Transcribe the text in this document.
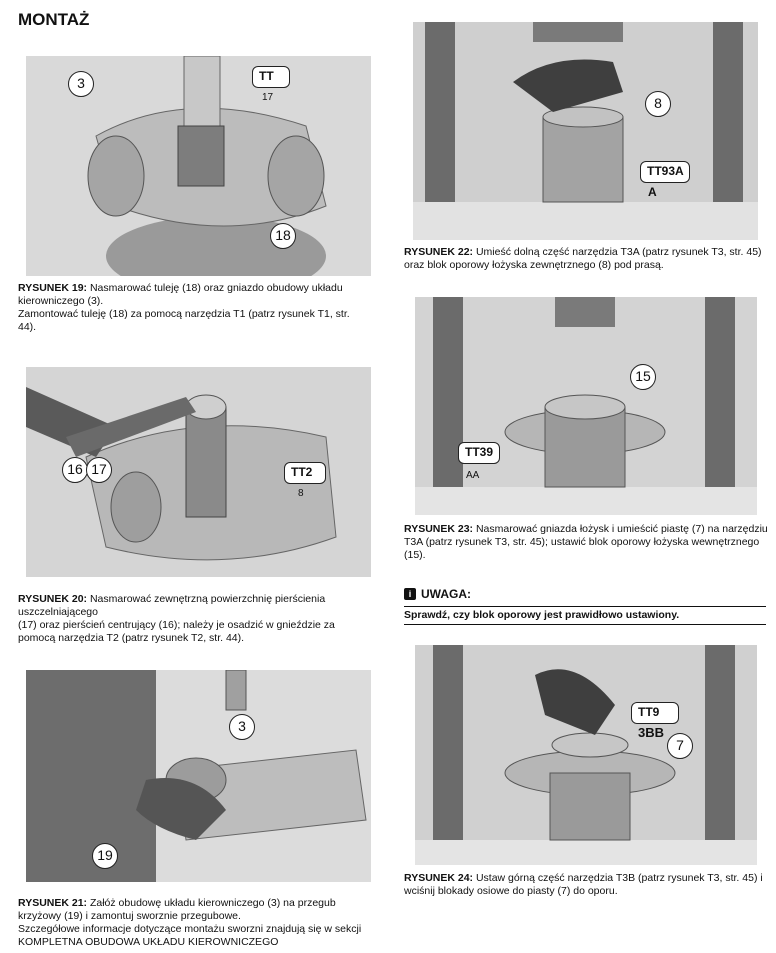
MONTAŻ
3
18
TT
17
RYSUNEK 19: Nasmarować tuleję (18) oraz gniazdo obudowy układu kierowniczego (3).
Zamontować tuleję (18) za pomocą narzędzia T1 (patrz rysunek T1, str. 44).
16 17	TT2
8
RYSUNEK 20: Nasmarować zewnętrzną powierzchnię pierścienia uszczelniającego
(17) oraz pierścień centrujący (16); należy je osadzić w gnieździe za pomocą narzędzia T2 (patrz rysunek T2, str. 44).
3
19
RYSUNEK 21: Załóż obudowę układu kierowniczego (3) na przegub krzyżowy (19) i zamontuj sworznie przegubowe.
Szczegółowe informacje dotyczące montażu sworzni znajdują się w sekcji KOMPLETNA OBUDOWA UKŁADU KIEROWNICZEGO
8
TT93A
A
RYSUNEK 22: Umieść dolną część narzędzia T3A (patrz rysunek T3, str. 45) oraz blok oporowy łożyska zewnętrznego (8) pod prasą.
15
TT39
AA
RYSUNEK 23: Nasmarować gniazda łożysk i umieścić piastę (7) na narzędziu T3A (patrz rysunek T3, str. 45); ustawić blok oporowy łożyska wewnętrznego (15).
i UWAGA:
Sprawdź, czy blok oporowy jest prawidłowo ustawiony.
TT9
3BB
7
RYSUNEK 24: Ustaw górną część narzędzia T3B (patrz rysunek T3, str. 45) i wciśnij blokady osiowe do piasty (7) do oporu.
